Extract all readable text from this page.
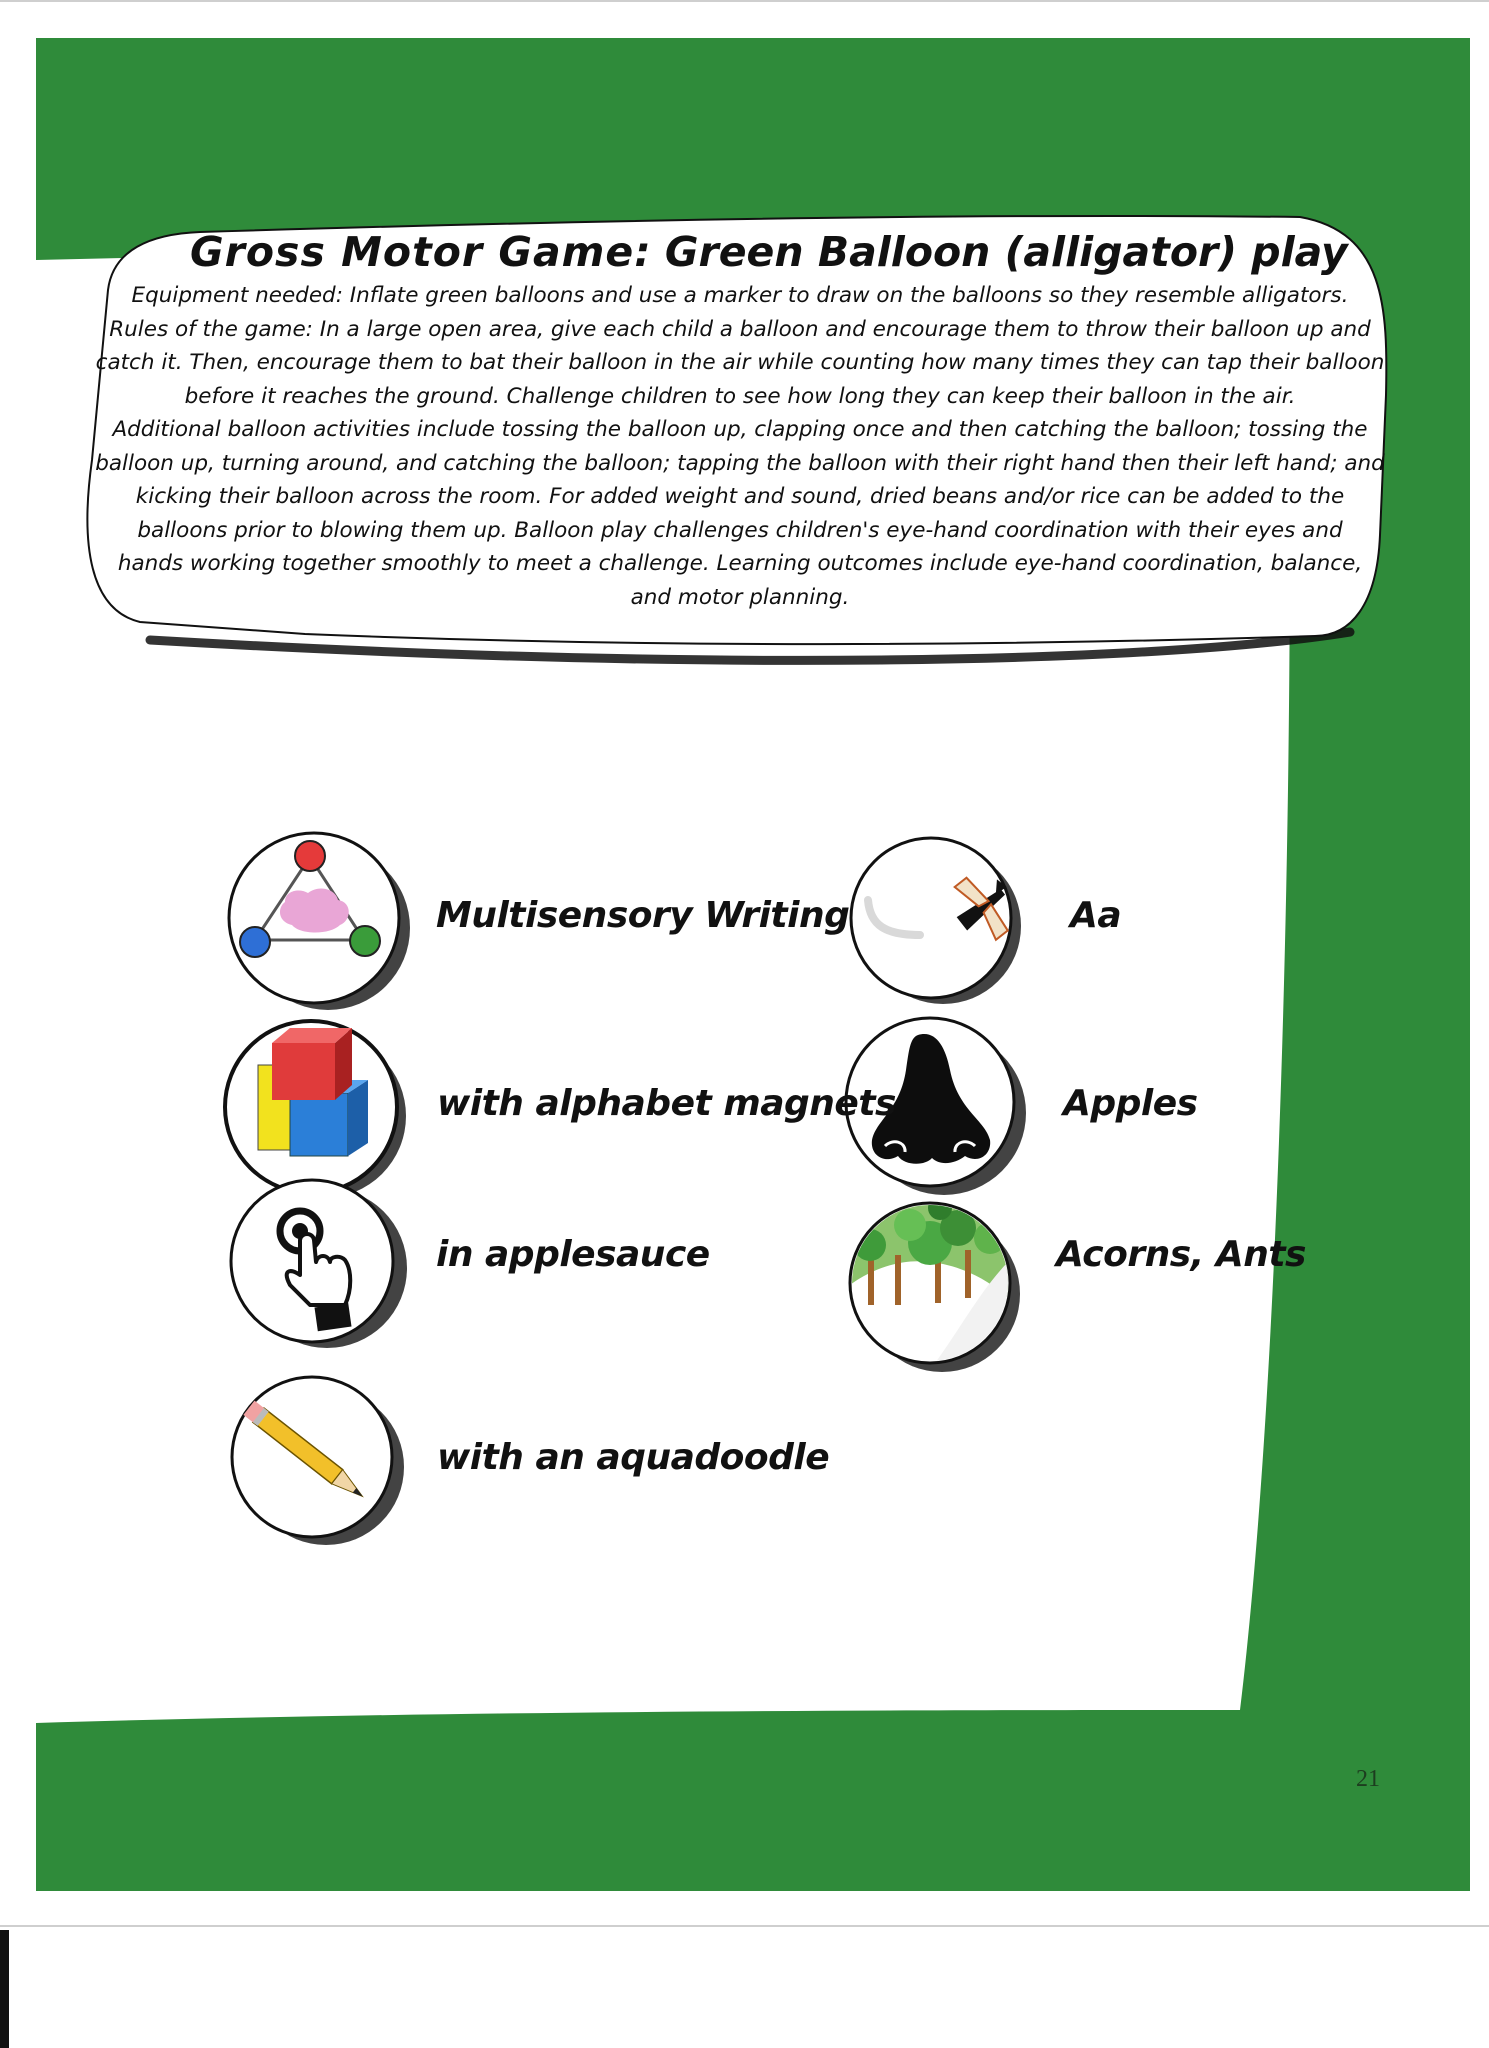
Gross Motor Game: Green Balloon (alligator) play
Equipment needed: Inflate green balloons and use a marker to draw on the balloons so they resemble alligators.
Rules of the game: In a large open area, give each child a balloon and encourage them to throw their balloon up and
catch it. Then, encourage them to bat their balloon in the air while counting how many times they can tap their balloon
before it reaches the ground. Challenge children to see how long they can keep their balloon in the air.
Additional balloon activities include tossing the balloon up, clapping once and then catching the balloon; tossing the
balloon up, turning around, and catching the balloon; tapping the balloon with their right hand then their left hand; and
kicking their balloon across the room. For added weight and sound, dried beans and/or rice can be added to the
balloons prior to blowing them up. Balloon play challenges children's eye-hand coordination with their eyes and
hands working together smoothly to meet a challenge. Learning outcomes include eye-hand coordination, balance,
and motor planning.
Multisensory Writing
with alphabet magnets
in applesauce
with an aquadoodle
Aa
Apples
Acorns, Ants
21
